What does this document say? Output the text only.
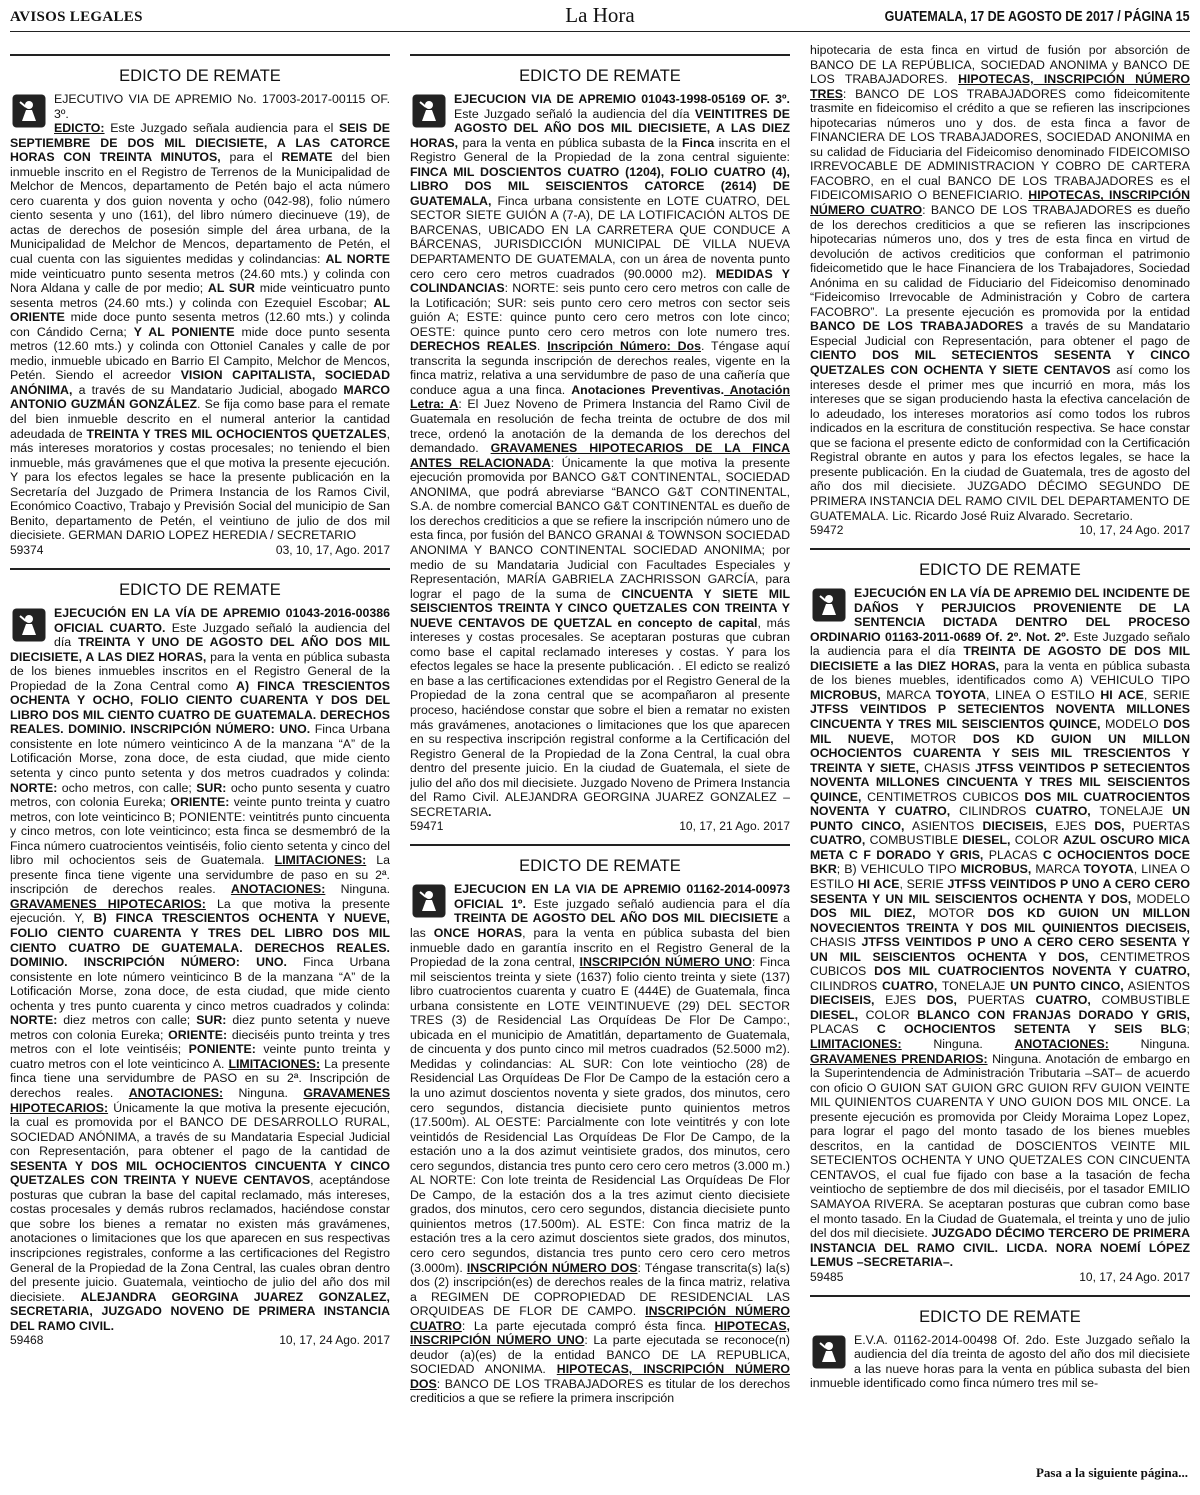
AVISOS LEGALES	La Hora	GUATEMALA, 17 DE AGOSTO DE 2017 / PÁGINA 15
EDICTO DE REMATE
EJECUTIVO VIA DE APREMIO No. 17003-2017-00115 OF. 3º.
EDICTO: Este Juzgado señala audiencia para el SEIS DE SEPTIEMBRE DE DOS MIL DIECISIETE, A LAS CATORCE HORAS CON TREINTA MINUTOS, para el REMATE del bien inmueble inscrito en el Registro de Terrenos de la Municipalidad de Melchor de Mencos, departamento de Petén bajo el acta número cero cuarenta y dos guion noventa y ocho (042-98), folio número ciento sesenta y uno (161), del libro número diecinueve (19), de actas de derechos de posesión simple del área urbana, de la Municipalidad de Melchor de Mencos, departamento de Petén, el cual cuenta con las siguientes medidas y colindancias: AL NORTE mide veinticuatro punto sesenta metros (24.60 mts.) y colinda con Nora Aldana y calle de por medio; AL SUR mide veinticuatro punto sesenta metros (24.60 mts.) y colinda con Ezequiel Escobar; AL ORIENTE mide doce punto sesenta metros (12.60 mts.) y colinda con Cándido Cerna; Y AL PONIENTE mide doce punto sesenta metros (12.60 mts.) y colinda con Ottoniel Canales y calle de por medio, inmueble ubicado en Barrio El Campito, Melchor de Mencos, Petén. Siendo el acreedor VISION CAPITALISTA, SOCIEDAD ANÓNIMA, a través de su Mandatario Judicial, abogado MARCO ANTONIO GUZMÁN GONZÁLEZ. Se fija como base para el remate del bien inmueble descrito en el numeral anterior la cantidad adeudada de TREINTA Y TRES MIL OCHOCIENTOS QUETZALES, más intereses moratorios y costas procesales; no teniendo el bien inmueble, más gravámenes que el que motiva la presente ejecución. Y para los efectos legales se hace la presente publicación en la Secretaría del Juzgado de Primera Instancia de los Ramos Civil, Económico Coactivo, Trabajo y Previsión Social del municipio de San Benito, departamento de Petén, el veintiuno de julio de dos mil diecisiete. GERMAN DARIO LOPEZ HEREDIA / SECRETARIO
59374	03, 10, 17, Ago. 2017
EDICTO DE REMATE
EJECUCIÓN EN LA VÍA DE APREMIO 01043-2016-00386 OFICIAL CUARTO. Este Juzgado señaló la audiencia del día TREINTA Y UNO DE AGOSTO DEL AÑO DOS MIL DIECISIETE, A LAS DIEZ HORAS, para la venta en pública subasta de los bienes inmuebles inscritos en el Registro General de la Propiedad de la Zona Central como A) FINCA TRESCIENTOS OCHENTA Y OCHO, FOLIO CIENTO CUARENTA Y DOS DEL LIBRO DOS MIL CIENTO CUATRO DE GUATEMALA. DERECHOS REALES. DOMINIO. INSCRIPCIÓN NÚMERO: UNO. Finca Urbana consistente en lote número veinticinco A de la manzana “A” de la Lotificación Morse, zona doce, de esta ciudad, que mide ciento setenta y cinco punto setenta y dos metros cuadrados y colinda: NORTE: ocho metros, con calle; SUR: ocho punto sesenta y cuatro metros, con colonia Eureka; ORIENTE: veinte punto treinta y cuatro metros, con lote veinticinco B; PONIENTE: veintitrés punto cincuenta y cinco metros, con lote veinticinco; esta finca se desmembró de la Finca número cuatrocientos veintiséis, folio ciento setenta y cinco del libro mil ochocientos seis de Guatemala. LIMITACIONES: La presente finca tiene vigente una servidumbre de paso en su 2ª. inscripción de derechos reales. ANOTACIONES: Ninguna. GRAVAMENES HIPOTECARIOS: La que motiva la presente ejecución. Y, B) FINCA TRESCIENTOS OCHENTA Y NUEVE, FOLIO CIENTO CUARENTA Y TRES DEL LIBRO DOS MIL CIENTO CUATRO DE GUATEMALA. DERECHOS REALES. DOMINIO. INSCRIPCIÓN NÚMERO: UNO. Finca Urbana consistente en lote número veinticinco B de la manzana “A” de la Lotificación Morse, zona doce, de esta ciudad, que mide ciento ochenta y tres punto cuarenta y cinco metros cuadrados y colinda: NORTE: diez metros con calle; SUR: diez punto setenta y nueve metros con colonia Eureka; ORIENTE: dieciséis punto treinta y tres metros con el lote veintiséis; PONIENTE: veinte punto treinta y cuatro metros con el lote veinticinco A. LIMITACIONES: La presente finca tiene una servidumbre de PASO en su 2ª. Inscripción de derechos reales. ANOTACIONES: Ninguna. GRAVAMENES HIPOTECARIOS: Únicamente la que motiva la presente ejecución, la cual es promovida por el BANCO DE DESARROLLO RURAL, SOCIEDAD ANÓNIMA, a través de su Mandataria Especial Judicial con Representación, para obtener el pago de la cantidad de SESENTA Y DOS MIL OCHOCIENTOS CINCUENTA Y CINCO QUETZALES CON TREINTA Y NUEVE CENTAVOS, aceptándose posturas que cubran la base del capital reclamado, más intereses, costas procesales y demás rubros reclamados, haciéndose constar que sobre los bienes a rematar no existen más gravámenes, anotaciones o limitaciones que los que aparecen en sus respectivas inscripciones registrales, conforme a las certificaciones del Registro General de la Propiedad de la Zona Central, las cuales obran dentro del presente juicio. Guatemala, veintiocho de julio del año dos mil diecisiete. ALEJANDRA GEORGINA JUAREZ GONZALEZ, SECRETARIA, JUZGADO NOVENO DE PRIMERA INSTANCIA DEL RAMO CIVIL.
59468	10, 17, 24 Ago. 2017
EDICTO DE REMATE
EJECUCION VIA DE APREMIO 01043-1998-05169 OF. 3º. Este Juzgado señaló la audiencia del día VEINTITRES DE AGOSTO DEL AÑO DOS MIL DIECISIETE, A LAS DIEZ HORAS, para la venta en pública subasta de la Finca inscrita en el Registro General de la Propiedad de la zona central siguiente: FINCA MIL DOSCIENTOS CUATRO (1204), FOLIO CUATRO (4), LIBRO DOS MIL SEISCIENTOS CATORCE (2614) DE GUATEMALA, Finca urbana consistente en LOTE CUATRO, DEL SECTOR SIETE GUIÓN A (7-A), DE LA LOTIFICACIÓN ALTOS DE BARCENAS, UBICADO EN LA CARRETERA QUE CONDUCE A BÁRCENAS, JURISDICCIÓN MUNICIPAL DE VILLA NUEVA DEPARTAMENTO DE GUATEMALA, con un área de noventa punto cero cero cero metros cuadrados (90.0000 m2). MEDIDAS Y COLINDANCIAS: NORTE: seis punto cero cero metros con calle de la Lotificación; SUR: seis punto cero cero metros con sector seis guión A; ESTE: quince punto cero cero metros con lote cinco; OESTE: quince punto cero cero metros con lote numero tres. DERECHOS REALES. Inscripción Número: Dos. Téngase aquí transcrita la segunda inscripción de derechos reales, vigente en la finca matriz, relativa a una servidumbre de paso de una cañería que conduce agua a una finca. Anotaciones Preventivas. Anotación Letra: A: El Juez Noveno de Primera Instancia del Ramo Civil de Guatemala en resolución de fecha treinta de octubre de dos mil trece, ordenó la anotación de la demanda de los derechos del demandado. GRAVAMENES HIPOTECARIOS DE LA FINCA ANTES RELACIONADA: Únicamente la que motiva la presente ejecución promovida por BANCO G&T CONTINENTAL, SOCIEDAD ANONIMA, que podrá abreviarse “BANCO G&T CONTINENTAL, S.A. de nombre comercial BANCO G&T CONTINENTAL es dueño de los derechos crediticios a que se refiere la inscripción número uno de esta finca, por fusión del BANCO GRANAI & TOWNSON SOCIEDAD ANONIMA Y BANCO CONTINENTAL SOCIEDAD ANONIMA; por medio de su Mandataria Judicial con Facultades Especiales y Representación, MARÍA GABRIELA ZACHRISSON GARCÍA, para lograr el pago de la suma de CINCUENTA Y SIETE MIL SEISCIENTOS TREINTA Y CINCO QUETZALES CON TREINTA Y NUEVE CENTAVOS DE QUETZAL en concepto de capital, más intereses y costas procesales. Se aceptaran posturas que cubran como base el capital reclamado intereses y costas. Y para los efectos legales se hace la presente publicación. . El edicto se realizó en base a las certificaciones extendidas por el Registro General de la Propiedad de la zona central que se acompañaron al presente proceso, haciéndose constar que sobre el bien a rematar no existen más gravámenes, anotaciones o limitaciones que los que aparecen en su respectiva inscripción registral conforme a la Certificación del Registro General de la Propiedad de la Zona Central, la cual obra dentro del presente juicio. En la ciudad de Guatemala, el siete de julio del año dos mil diecisiete. Juzgado Noveno de Primera Instancia del Ramo Civil. ALEJANDRA GEORGINA JUAREZ GONZALEZ –SECRETARIA.
59471	10, 17, 21 Ago. 2017
EDICTO DE REMATE
EJECUCION EN LA VIA DE APREMIO 01162-2014-00973 OFICIAL 1º. Este juzgado señaló audiencia para el día TREINTA DE AGOSTO DEL AÑO DOS MIL DIECISIETE a las ONCE HORAS, para la venta en pública subasta del bien inmueble dado en garantía inscrito en el Registro General de la Propiedad de la zona central, INSCRIPCIÓN NÚMERO UNO: Finca mil seiscientos treinta y siete (1637) folio ciento treinta y siete (137) libro cuatrocientos cuarenta y cuatro E (444E) de Guatemala, finca urbana consistente en LOTE VEINTINUEVE (29) DEL SECTOR TRES (3) de Residencial Las Orquídeas De Flor De Campo:, ubicada en el municipio de Amatitlán, departamento de Guatemala, de cincuenta y dos punto cinco mil metros cuadrados (52.5000 m2). Medidas y colindancias: AL SUR: Con lote veintiocho (28) de Residencial Las Orquídeas De Flor De Campo de la estación cero a la uno azimut doscientos noventa y siete grados, dos minutos, cero cero segundos, distancia diecisiete punto quinientos metros (17.500m). AL OESTE: Parcialmente con lote veintitrés y con lote veintidós de Residencial Las Orquídeas De Flor De Campo, de la estación uno a la dos azimut veintisiete grados, dos minutos, cero cero segundos, distancia tres punto cero cero cero metros (3.000 m.) AL NORTE: Con lote treinta de Residencial Las Orquídeas De Flor De Campo, de la estación dos a la tres azimut ciento diecisiete grados, dos minutos, cero cero segundos, distancia diecisiete punto quinientos metros (17.500m). AL ESTE: Con finca matriz de la estación tres a la cero azimut doscientos siete grados, dos minutos, cero cero segundos, distancia tres punto cero cero cero metros (3.000m). INSCRIPCIÓN NÚMERO DOS: Téngase transcrita(s) la(s) dos (2) inscripción(es) de derechos reales de la finca matriz, relativa a REGIMEN DE COPROPIEDAD DE RESIDENCIAL LAS ORQUIDEAS DE FLOR DE CAMPO. INSCRIPCIÓN NÚMERO CUATRO: La parte ejecutada compró ésta finca. HIPOTECAS, INSCRIPCIÓN NÚMERO UNO: La parte ejecutada se reconoce(n) deudor (a)(es) de la entidad BANCO DE LA REPUBLICA, SOCIEDAD ANONIMA. HIPOTECAS, INSCRIPCIÓN NÚMERO DOS: BANCO DE LOS TRABAJADORES es titular de los derechos crediticios a que se refiere la primera inscripción
hipotecaria de esta finca en virtud de fusión por absorción de BANCO DE LA REPÚBLICA, SOCIEDAD ANONIMA y BANCO DE LOS TRABAJADORES. HIPOTECAS, INSCRIPCIÓN NÚMERO TRES: BANCO DE LOS TRABAJADORES como fideicomitente trasmite en fideicomiso el crédito a que se refieren las inscripciones hipotecarias números uno y dos. de esta finca a favor de FINANCIERA DE LOS TRABAJADORES, SOCIEDAD ANONIMA en su calidad de Fiduciaria del Fideicomiso denominado FIDEICOMISO IRREVOCABLE DE ADMINISTRACION Y COBRO DE CARTERA FACOBRO, en el cual BANCO DE LOS TRABAJADORES es el FIDEICOMISARIO O BENEFICIARIO. HIPOTECAS, INSCRIPCIÓN NÚMERO CUATRO: BANCO DE LOS TRABAJADORES es dueño de los derechos crediticios a que se refieren las inscripciones hipotecarias números uno, dos y tres de esta finca en virtud de devolución de activos crediticios que conforman el patrimonio fideicometido que le hace Financiera de los Trabajadores, Sociedad Anónima en su calidad de Fiduciario del Fideicomiso denominado “Fideicomiso Irrevocable de Administración y Cobro de cartera FACOBRO”. La presente ejecución es promovida por la entidad BANCO DE LOS TRABAJADORES a través de su Mandatario Especial Judicial con Representación, para obtener el pago de CIENTO DOS MIL SETECIENTOS SESENTA Y CINCO QUETZALES CON OCHENTA Y SIETE CENTAVOS así como los intereses desde el primer mes que incurrió en mora, más los intereses que se sigan produciendo hasta la efectiva cancelación de lo adeudado, los intereses moratorios así como todos los rubros indicados en la escritura de constitución respectiva. Se hace constar que se faciona el presente edicto de conformidad con la Certificación Registral obrante en autos y para los efectos legales, se hace la presente publicación. En la ciudad de Guatemala, tres de agosto del año dos mil diecisiete. JUZGADO DÉCIMO SEGUNDO DE PRIMERA INSTANCIA DEL RAMO CIVIL DEL DEPARTAMENTO DE GUATEMALA. Lic. Ricardo José Ruiz Alvarado. Secretario.
59472	10, 17, 24 Ago. 2017
EDICTO DE REMATE
EJECUCIÓN EN LA VÍA DE APREMIO DEL INCIDENTE DE DAÑOS Y PERJUICIOS PROVENIENTE DE LA SENTENCIA DICTADA DENTRO DEL PROCESO ORDINARIO 01163-2011-0689 Of. 2º. Not. 2º. Este Juzgado señalo la audiencia para el día TREINTA DE AGOSTO DE DOS MIL DIECISIETE a las DIEZ HORAS, para la venta en pública subasta de los bienes muebles, identificados como A) VEHICULO TIPO MICROBUS, MARCA TOYOTA, LINEA O ESTILO HI ACE, SERIE JTFSS VEINTIDOS P SETECIENTOS NOVENTA MILLONES CINCUENTA Y TRES MIL SEISCIENTOS QUINCE, MODELO DOS MIL NUEVE, MOTOR DOS KD GUION UN MILLON OCHOCIENTOS CUARENTA Y SEIS MIL TRESCIENTOS Y TREINTA Y SIETE, CHASIS JTFSS VEINTIDOS P SETECIENTOS NOVENTA MILLONES CINCUENTA Y TRES MIL SEISCIENTOS QUINCE, CENTIMETROS CUBICOS DOS MIL CUATROCIENTOS NOVENTA Y CUATRO, CILINDROS CUATRO, TONELAJE UN PUNTO CINCO, ASIENTOS DIECISEIS, EJES DOS, PUERTAS CUATRO, COMBUSTIBLE DIESEL, COLOR AZUL OSCURO MICA META C F DORADO Y GRIS, PLACAS C OCHOCIENTOS DOCE BKR; B) VEHICULO TIPO MICROBUS, MARCA TOYOTA, LINEA O ESTILO HI ACE, SERIE JTFSS VEINTIDOS P UNO A CERO CERO SESENTA Y UN MIL SEISCIENTOS OCHENTA Y DOS, MODELO DOS MIL DIEZ, MOTOR DOS KD GUION UN MILLON NOVECIENTOS TREINTA Y DOS MIL QUINIENTOS DIECISEIS, CHASIS JTFSS VEINTIDOS P UNO A CERO CERO SESENTA Y UN MIL SEISCIENTOS OCHENTA Y DOS, CENTIMETROS CUBICOS DOS MIL CUATROCIENTOS NOVENTA Y CUATRO, CILINDROS CUATRO, TONELAJE UN PUNTO CINCO, ASIENTOS DIECISEIS, EJES DOS, PUERTAS CUATRO, COMBUSTIBLE DIESEL, COLOR BLANCO CON FRANJAS DORADO Y GRIS, PLACAS C OCHOCIENTOS SETENTA Y SEIS BLG; LIMITACIONES: Ninguna. ANOTACIONES: Ninguna. GRAVAMENES PRENDARIOS: Ninguna. Anotación de embargo en la Superintendencia de Administración Tributaria –SAT– de acuerdo con oficio O GUION SAT GUION GRC GUION RFV GUION VEINTE MIL QUINIENTOS CUARENTA Y UNO GUION DOS MIL ONCE. La presente ejecución es promovida por Cleidy Moraima Lopez Lopez, para lograr el pago del monto tasado de los bienes muebles descritos, en la cantidad de DOSCIENTOS VEINTE MIL SETECIENTOS OCHENTA Y UNO QUETZALES CON CINCUENTA CENTAVOS, el cual fue fijado con base a la tasación de fecha veintiocho de septiembre de dos mil dieciséis, por el tasador EMILIO SAMAYOA RIVERA. Se aceptaran posturas que cubran como base el monto tasado. En la Ciudad de Guatemala, el treinta y uno de julio del dos mil diecisiete. JUZGADO DÉCIMO TERCERO DE PRIMERA INSTANCIA DEL RAMO CIVIL. LICDA. NORA NOEMÍ LÓPEZ LEMUS –SECRETARIA–.
59485	10, 17, 24 Ago. 2017
EDICTO DE REMATE
E.V.A. 01162-2014-00498 Of. 2do. Este Juzgado señalo la audiencia del día treinta de agosto del año dos mil diecisiete a las nueve horas para la venta en pública subasta del bien inmueble identificado como finca número tres mil se-
Pasa a la siguiente página...
